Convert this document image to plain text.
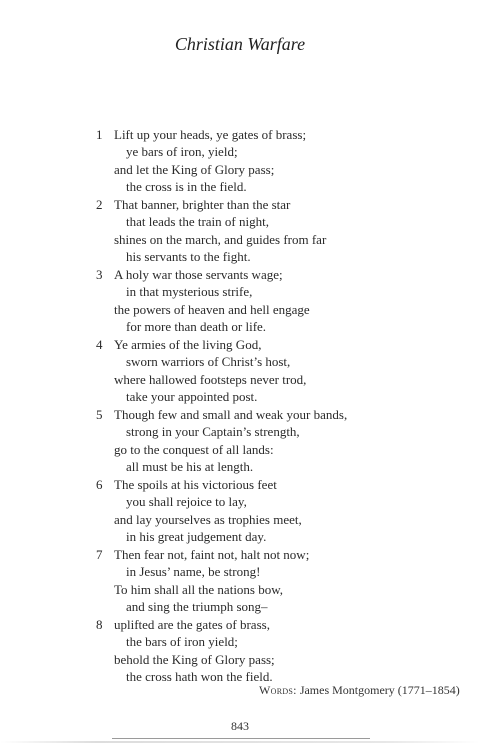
Christian Warfare
1 Lift up your heads, ye gates of brass;
ye bars of iron, yield;
and let the King of Glory pass;
the cross is in the field.
2 That banner, brighter than the star
that leads the train of night,
shines on the march, and guides from far
his servants to the fight.
3 A holy war those servants wage;
in that mysterious strife,
the powers of heaven and hell engage
for more than death or life.
4 Ye armies of the living God,
sworn warriors of Christ’s host,
where hallowed footsteps never trod,
take your appointed post.
5 Though few and small and weak your bands,
strong in your Captain’s strength,
go to the conquest of all lands:
all must be his at length.
6 The spoils at his victorious feet
you shall rejoice to lay,
and lay yourselves as trophies meet,
in his great judgement day.
7 Then fear not, faint not, halt not now;
in Jesus’ name, be strong!
To him shall all the nations bow,
and sing the triumph song–
8 uplifted are the gates of brass,
the bars of iron yield;
behold the King of Glory pass;
the cross hath won the field.
Words: James Montgomery (1771–1854)
843
